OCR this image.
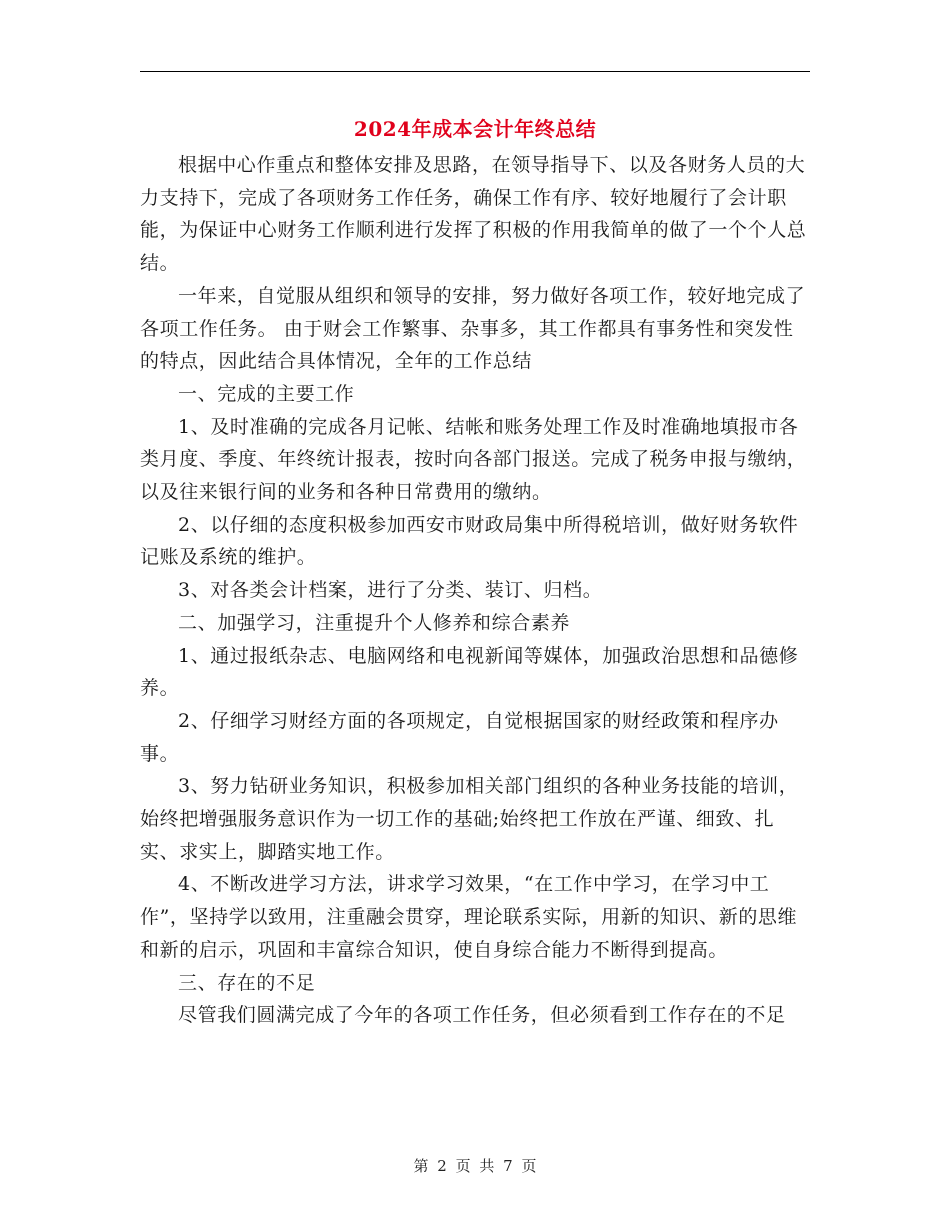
2024年成本会计年终总结

根据中心作重点和整体安排及思路，在领导指导下、以及各财务人员的大力支持下，完成了各项财务工作任务，确保工作有序、较好地履行了会计职能，为保证中心财务工作顺利进行发挥了积极的作用我简单的做了一个个人总结。

一年来，自觉服从组织和领导的安排，努力做好各项工作，较好地完成了各项工作任务。 由于财会工作繁事、杂事多，其工作都具有事务性和突发性的特点，因此结合具体情况，全年的工作总结

一、完成的主要工作

1、及时准确的完成各月记帐、结帐和账务处理工作及时准确地填报市各类月度、季度、年终统计报表，按时向各部门报送。完成了税务申报与缴纳，以及往来银行间的业务和各种日常费用的缴纳。

2、以仔细的态度积极参加西安市财政局集中所得税培训，做好财务软件记账及系统的维护。

3、对各类会计档案，进行了分类、装订、归档。

二、加强学习，注重提升个人修养和综合素养

1、通过报纸杂志、电脑网络和电视新闻等媒体，加强政治思想和品德修养。

2、仔细学习财经方面的各项规定，自觉根据国家的财经政策和程序办事。

3、努力钻研业务知识，积极参加相关部门组织的各种业务技能的培训，始终把增强服务意识作为一切工作的基础;始终把工作放在严谨、细致、扎实、求实上，脚踏实地工作。

4、不断改进学习方法，讲求学习效果，“在工作中学习，在学习中工作”，坚持学以致用，注重融会贯穿，理论联系实际，用新的知识、新的思维和新的启示，巩固和丰富综合知识，使自身综合能力不断得到提高。

三、存在的不足

尽管我们圆满完成了今年的各项工作任务，但必须看到工作存在的不足

第 2 页 共 7 页
